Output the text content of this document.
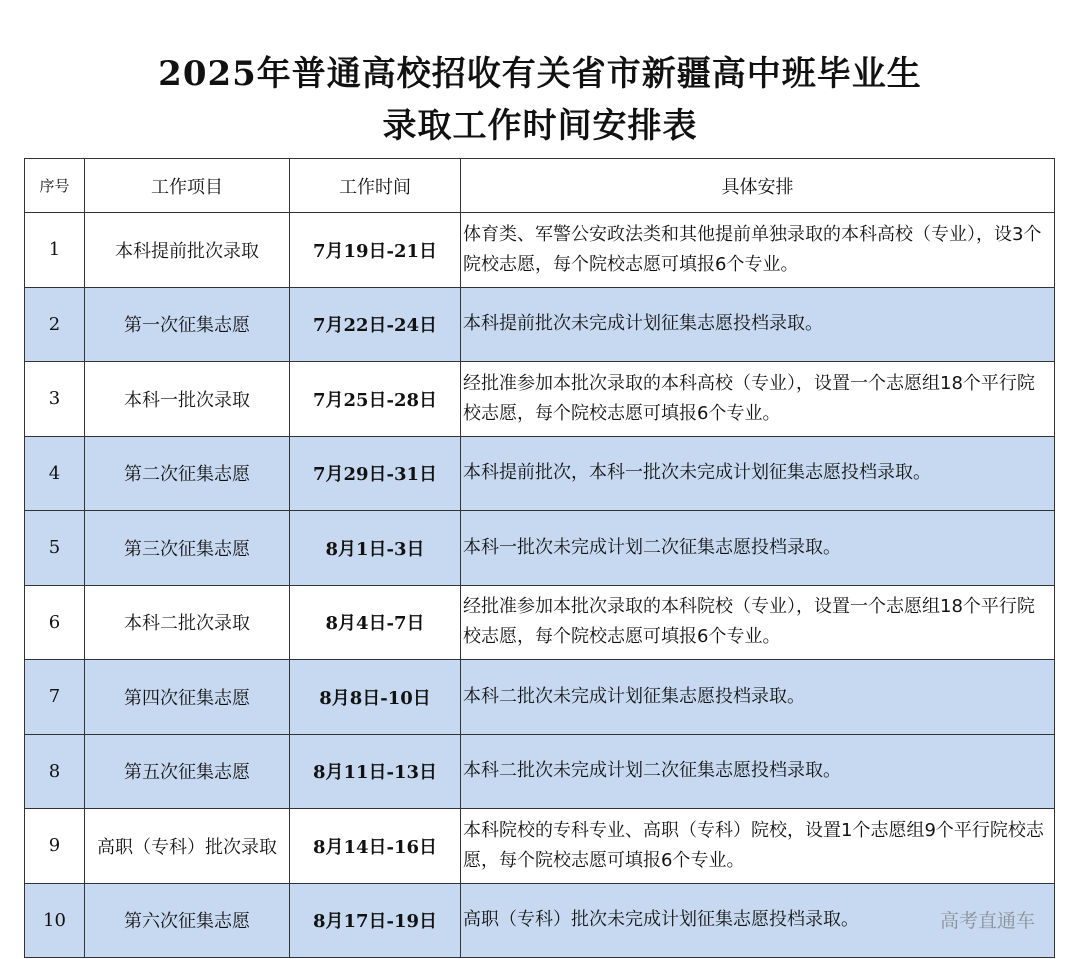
2025年普通高校招收有关省市新疆高中班毕业生
录取工作时间安排表
序号	工作项目	工作时间	具体安排
1	本科提前批次录取	7月19日-21日	体育类、军警公安政法类和其他提前单独录取的本科高校（专业），设3个院校志愿，每个院校志愿可填报6个专业。
2	第一次征集志愿	7月22日-24日	本科提前批次未完成计划征集志愿投档录取。
3	本科一批次录取	7月25日-28日	经批准参加本批次录取的本科高校（专业），设置一个志愿组18个平行院校志愿，每个院校志愿可填报6个专业。
4	第二次征集志愿	7月29日-31日	本科提前批次，本科一批次未完成计划征集志愿投档录取。
5	第三次征集志愿	8月1日-3日	本科一批次未完成计划二次征集志愿投档录取。
6	本科二批次录取	8月4日-7日	经批准参加本批次录取的本科院校（专业），设置一个志愿组18个平行院校志愿，每个院校志愿可填报6个专业。
7	第四次征集志愿	8月8日-10日	本科二批次未完成计划征集志愿投档录取。
8	第五次征集志愿	8月11日-13日	本科二批次未完成计划二次征集志愿投档录取。
9	高职（专科）批次录取	8月14日-16日	本科院校的专科专业、高职（专科）院校，设置1个志愿组9个平行院校志愿，每个院校志愿可填报6个专业。
10	第六次征集志愿	8月17日-19日	高职（专科）批次未完成计划征集志愿投档录取。	高考直通车
